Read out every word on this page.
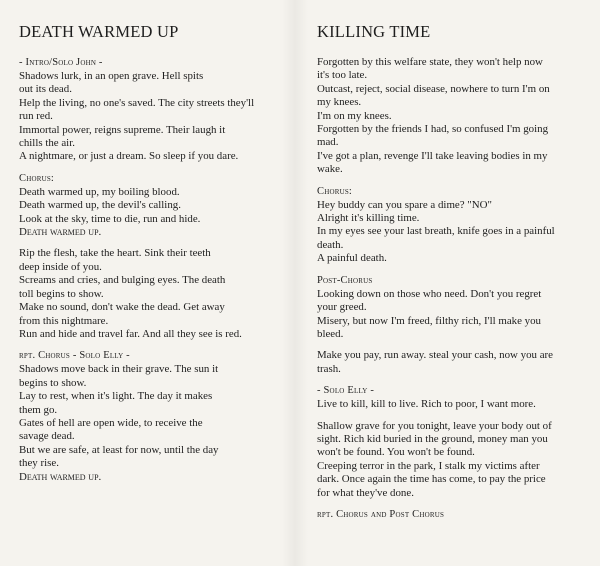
DEATH WARMED UP
- Intro/Solo John -
Shadows lurk, in an open grave. Hell spits
out its dead.
Help the living, no one's saved. The city streets they'll
run red.
Immortal power, reigns supreme. Their laugh it
chills the air.
A nightmare, or just a dream. So sleep if you dare.
Chorus:
Death warmed up, my boiling blood.
Death warmed up, the devil's calling.
Look at the sky, time to die, run and hide.
Death warmed up.
Rip the flesh, take the heart. Sink their teeth
deep inside of you.
Screams and cries, and bulging eyes. The death
toll begins to show.
Make no sound, don't wake the dead. Get away
from this nightmare.
Run and hide and travel far. And all they see is red.
rpt. Chorus - Solo Elly -
Shadows move back in their grave. The sun it
begins to show.
Lay to rest, when it's light. The day it makes
them go.
Gates of hell are open wide, to receive the
savage dead.
But we are safe, at least for now, until the day
they rise.
Death warmed up.
KILLING TIME
Forgotten by this welfare state, they won't help now
it's too late.
Outcast, reject, social disease, nowhere to turn I'm on
my knees.
I'm on my knees.
Forgotten by the friends I had, so confused I'm going
mad.
I've got a plan, revenge I'll take leaving bodies in my
wake.
Chorus:
Hey buddy can you spare a dime? "NO"
Alright it's killing time.
In my eyes see your last breath, knife goes in a painful
death.
A painful death.
Post-Chorus
Looking down on those who need. Don't you regret
your greed.
Misery, but now I'm freed, filthy rich, I'll make you
bleed.
Make you pay, run away. steal your cash, now you are
trash.
- Solo Elly -
Live to kill, kill to live. Rich to poor, I want more.
Shallow grave for you tonight, leave your body out of
sight. Rich kid buried in the ground, money man you
won't be found. You won't be found.
Creeping terror in the park, I stalk my victims after
dark. Once again the time has come, to pay the price
for what they've done.
rpt. Chorus and Post Chorus
